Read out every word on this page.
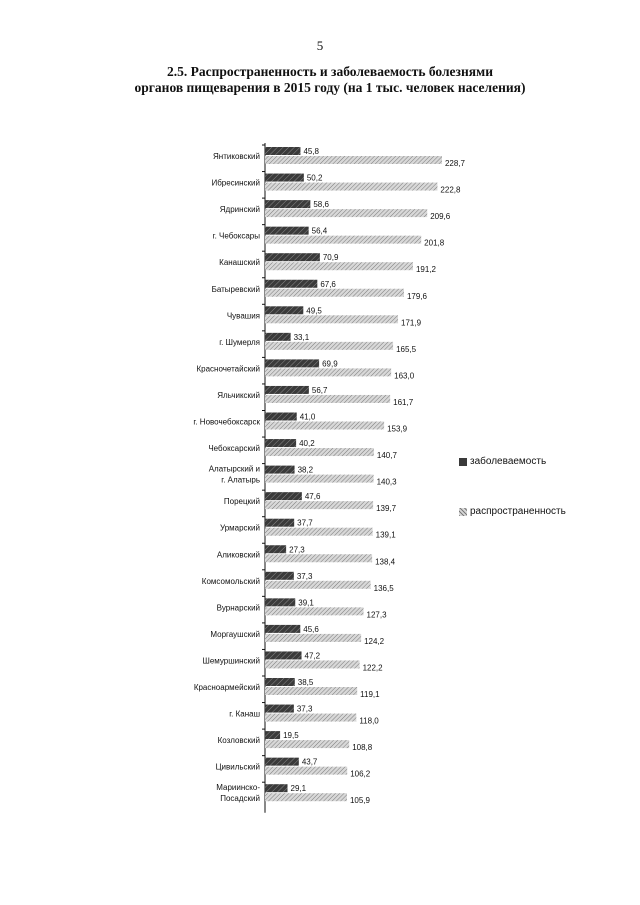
5
2.5. Распространенность и заболеваемость болезнями
органов пищеварения в 2015 году (на 1 тыс. человек населения)
Янтиковский
45,8
228,7
Ибресинский
50,2
222,8
Ядринский
58,6
209,6
г. Чебоксары
56,4
201,8
Канашский
70,9
191,2
Батыревский
67,6
179,6
Чувашия
49,5
171,9
г. Шумерля
33,1
165,5
Красночетайский
69,9
163,0
Яльчикский
56,7
161,7
г. Новочебоксарск
41,0
153,9
Чебоксарский
40,2
140,7
Алатырский и
г. Алатырь
38,2
140,3
Порецкий
47,6
139,7
Урмарский
37,7
139,1
Аликовский
27,3
138,4
Комсомольский
37,3
136,5
Вурнарский
39,1
127,3
Моргаушский
45,6
124,2
Шемуршинский
47,2
122,2
Красноармейский
38,5
119,1
г. Канаш
37,3
118,0
Козловский
19,5
108,8
Цивильский
43,7
106,2
Мариинско-
Посадский
29,1
105,9
заболеваемость
распространенность
